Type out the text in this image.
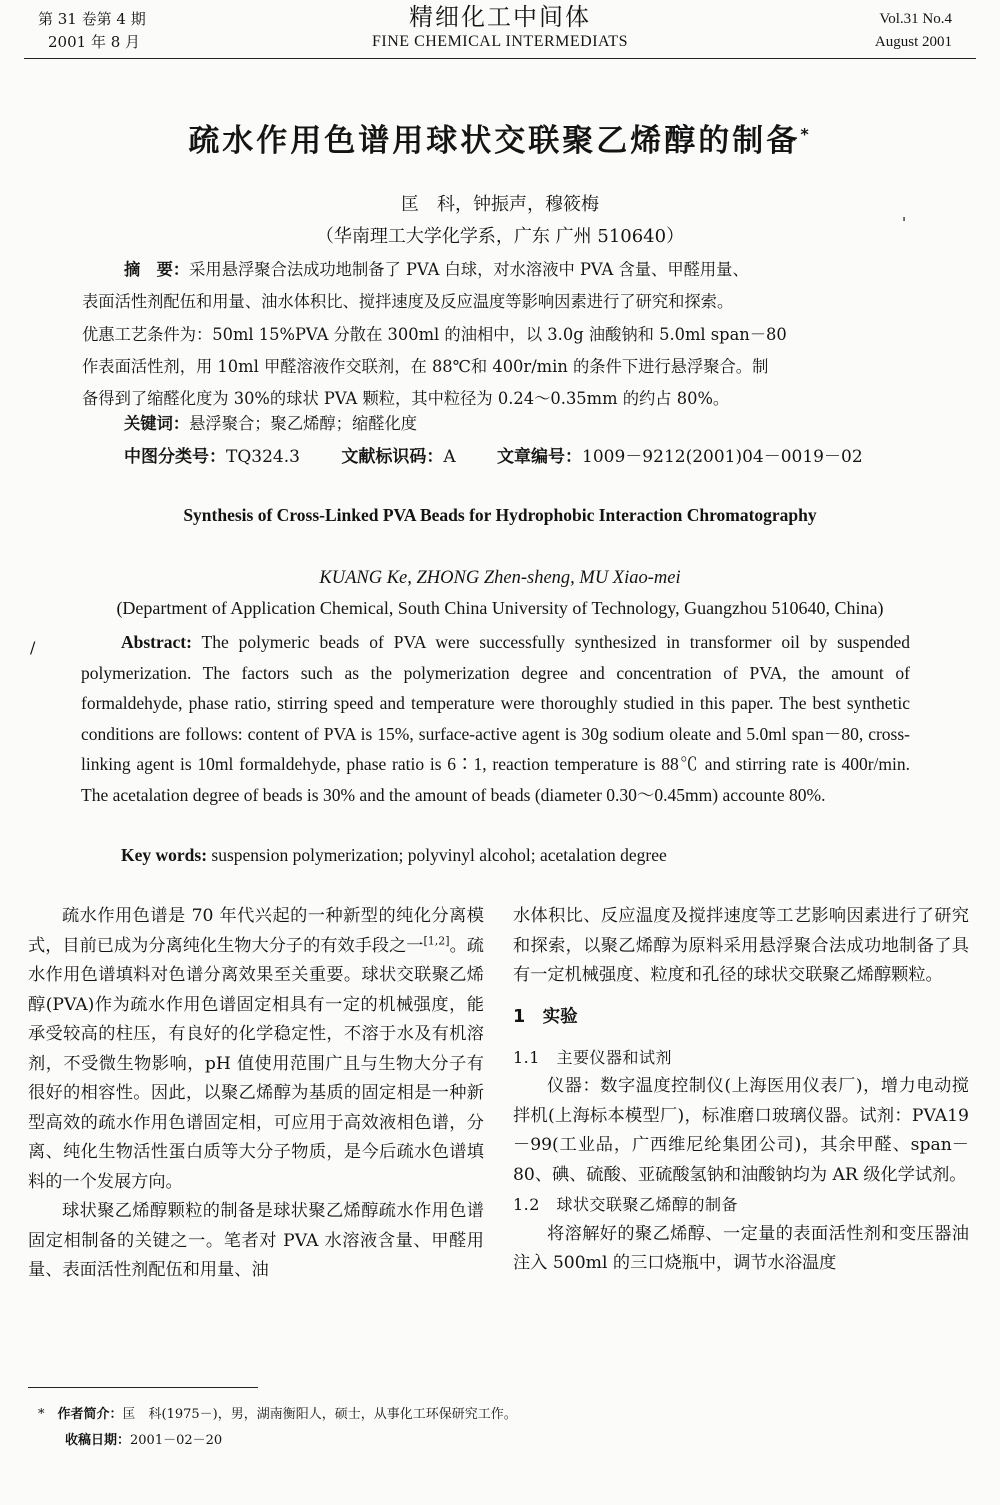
第 31 卷第 4 期
2001 年 8 月
精细化工中间体
FINE CHEMICAL INTERMEDIATS
Vol.31 No.4
August 2001
疏水作用色谱用球状交联聚乙烯醇的制备*
匡　科，钟振声，穆筱梅
（华南理工大学化学系，广东 广州 510640）
'

摘　要：采用悬浮聚合法成功地制备了 PVA 白球，对水溶液中 PVA 含量、甲醛用量、

表面活性剂配伍和用量、油水体积比、搅拌速度及反应温度等影响因素进行了研究和探索。

优惠工艺条件为：50ml 15%PVA 分散在 300ml 的油相中，以 3.0g 油酸钠和 5.0ml span－80

作表面活性剂，用 10ml 甲醛溶液作交联剂，在 88℃和 400r/min 的条件下进行悬浮聚合。制

备得到了缩醛化度为 30%的球状 PVA 颗粒，其中粒径为 0.24～0.35mm 的约占 80%。

关键词：悬浮聚合；聚乙烯醇；缩醛化度
中图分类号：TQ324.3 文献标识码：A 文章编号：1009－9212(2001)04－0019－02
Synthesis of Cross-Linked PVA Beads for Hydrophobic Interaction Chromatography
KUANG Ke, ZHONG Zhen-sheng, MU Xiao-mei
(Department of Application Chemical, South China University of Technology, Guangzhou 510640, China)
/	Abstract: The polymeric beads of PVA were successfully synthesized in transformer oil by suspended polymerization. The factors such as the polymerization degree and concentration of PVA, the amount of formaldehyde, phase ratio, stirring speed and temperature were thoroughly studied in this paper. The best synthetic conditions are follows: content of PVA is 15%, surface-active agent is 30g sodium oleate and 5.0ml span－80, cross-linking agent is 10ml formaldehyde, phase ratio is 6∶1, reaction temperature is 88℃ and stirring rate is 400r/min. The acetalation degree of beads is 30% and the amount of beads (diameter 0.30～0.45mm) accounte 80%.

Key words: suspension polymerization; polyvinyl alcohol; acetalation degree

疏水作用色谱是 70 年代兴起的一种新型的纯化分离模式，目前已成为分离纯化生物大分子的有效手段之一[1,2]。疏水作用色谱填料对色谱分离效果至关重要。球状交联聚乙烯醇(PVA)作为疏水作用色谱固定相具有一定的机械强度，能承受较高的柱压，有良好的化学稳定性，不溶于水及有机溶剂，不受微生物影响，pH 值使用范围广且与生物大分子有很好的相容性。因此，以聚乙烯醇为基质的固定相是一种新型高效的疏水作用色谱固定相，可应用于高效液相色谱，分离、纯化生物活性蛋白质等大分子物质，是今后疏水色谱填料的一个发展方向。

球状聚乙烯醇颗粒的制备是球状聚乙烯醇疏水作用色谱固定相制备的关键之一。笔者对 PVA 水溶液含量、甲醛用量、表面活性剂配伍和用量、油

水体积比、反应温度及搅拌速度等工艺影响因素进行了研究和探索，以聚乙烯醇为原料采用悬浮聚合法成功地制备了具有一定机械强度、粒度和孔径的球状交联聚乙烯醇颗粒。

1　实验
1.1　主要仪器和试剂

仪器：数字温度控制仪(上海医用仪表厂)，增力电动搅拌机(上海标本模型厂)，标准磨口玻璃仪器。试剂：PVA19－99(工业品，广西维尼纶集团公司)，其余甲醛、span－80、碘、硫酸、亚硫酸氢钠和油酸钠均为 AR 级化学试剂。

1.2　球状交联聚乙烯醇的制备

将溶解好的聚乙烯醇、一定量的表面活性剂和变压器油注入 500ml 的三口烧瓶中，调节水浴温度

*　 作者简介：匡　科(1975－)，男，湖南衡阳人，硕士，从事化工环保研究工作。
收稿日期：2001－02－20
